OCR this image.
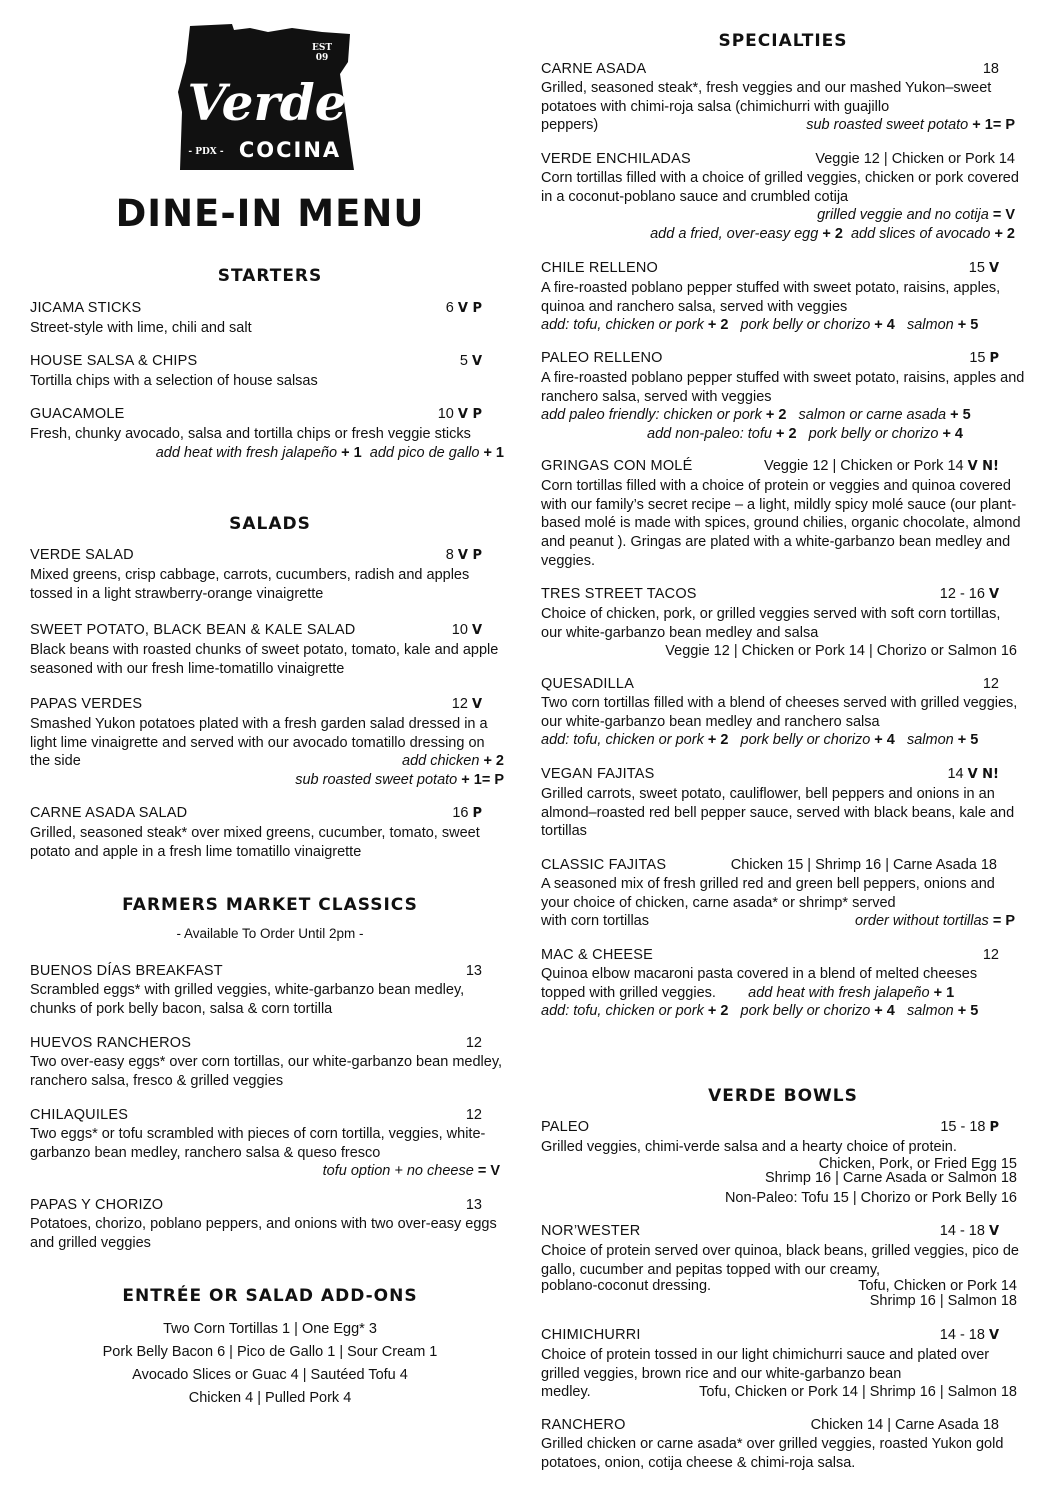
EST
09
Verde
- PDX - COCINA
DINE-IN MENU
STARTERS
JICAMA STICKS	6 V P
Street-style with lime, chili and salt
HOUSE SALSA & CHIPS	5 V
Tortilla chips with a selection of house salsas
GUACAMOLE	10 V P
Fresh, chunky avocado, salsa and tortilla chips or fresh veggie sticks
add heat with fresh jalapeño + 1 add pico de gallo + 1
SALADS
VERDE SALAD	8 V P
Mixed greens, crisp cabbage, carrots, cucumbers, radish and apples tossed in a light strawberry-orange vinaigrette
SWEET POTATO, BLACK BEAN & KALE SALAD	10 V
Black beans with roasted chunks of sweet potato, tomato, kale and apple seasoned with our fresh lime-tomatillo vinaigrette
PAPAS VERDES	12 V
Smashed Yukon potatoes plated with a fresh garden salad dressed in a light lime vinaigrette and served with our avocado tomatillo dressing on the side	add chicken + 2
sub roasted sweet potato + 1= P
CARNE ASADA SALAD	16 P
Grilled, seasoned steak* over mixed greens, cucumber, tomato, sweet potato and apple in a fresh lime tomatillo vinaigrette
FARMERS MARKET CLASSICS
- Available To Order Until 2pm -
BUENOS DÍAS BREAKFAST	13
Scrambled eggs* with grilled veggies, white-garbanzo bean medley, chunks of pork belly bacon, salsa & corn tortilla
HUEVOS RANCHEROS	12
Two over-easy eggs* over corn tortillas, our white-garbanzo bean medley, ranchero salsa, fresco & grilled veggies
CHILAQUILES	12
Two eggs* or tofu scrambled with pieces of corn tortilla, veggies, white-garbanzo bean medley, ranchero salsa & queso fresco
tofu option + no cheese = V
PAPAS Y CHORIZO	13
Potatoes, chorizo, poblano peppers, and onions with two over-easy eggs and grilled veggies
ENTRÉE OR SALAD ADD-ONS
Two Corn Tortillas 1 | One Egg* 3
Pork Belly Bacon 6 | Pico de Gallo 1 | Sour Cream 1
Avocado Slices or Guac 4 | Sautéed Tofu 4
Chicken 4 | Pulled Pork 4
SPECIALTIES
CARNE ASADA	18
Grilled, seasoned steak*, fresh veggies and our mashed Yukon–sweet potatoes with chimi-roja salsa (chimichurri with guajillo
peppers)	sub roasted sweet potato + 1= P
VERDE ENCHILADAS	Veggie 12 | Chicken or Pork 14
Corn tortillas filled with a choice of grilled veggies, chicken or pork covered in a coconut-poblano sauce and crumbled cotija
grilled veggie and no cotija = V
add a fried, over-easy egg + 2 add slices of avocado + 2
CHILE RELLENO	15 V
A fire-roasted poblano pepper stuffed with sweet potato, raisins, apples, quinoa and ranchero salsa, served with veggies
add: tofu, chicken or pork + 2 pork belly or chorizo + 4 salmon + 5
PALEO RELLENO	15 P
A fire-roasted poblano pepper stuffed with sweet potato, raisins, apples and ranchero salsa, served with veggies
add paleo friendly: chicken or pork + 2 salmon or carne asada + 5
add non-paleo: tofu + 2 pork belly or chorizo + 4
GRINGAS CON MOLÉ	Veggie 12 | Chicken or Pork 14 V N!
Corn tortillas filled with a choice of protein or veggies and quinoa covered with our family’s secret recipe – a light, mildly spicy molé sauce (our plant-based molé is made with spices, ground chilies, organic chocolate, almond and peanut ). Gringas are plated with a white-garbanzo bean medley and veggies.
TRES STREET TACOS	12 - 16 V
Choice of chicken, pork, or grilled veggies served with soft corn tortillas, our white-garbanzo bean medley and salsa
Veggie 12 | Chicken or Pork 14 | Chorizo or Salmon 16
QUESADILLA	12
Two corn tortillas filled with a blend of cheeses served with grilled veggies, our white-garbanzo bean medley and ranchero salsa
add: tofu, chicken or pork + 2 pork belly or chorizo + 4 salmon + 5
VEGAN FAJITAS	14 V N!
Grilled carrots, sweet potato, cauliflower, bell peppers and onions in an almond–roasted red bell pepper sauce, served with black beans, kale and tortillas
CLASSIC FAJITAS	Chicken 15 | Shrimp 16 | Carne Asada 18
A seasoned mix of fresh grilled red and green bell peppers, onions and your choice of chicken, carne asada* or shrimp* served
with corn tortillas	order without tortillas = P
MAC & CHEESE	12
Quinoa elbow macaroni pasta covered in a blend of melted cheeses
topped with grilled veggies. add heat with fresh jalapeño + 1
add: tofu, chicken or pork + 2 pork belly or chorizo + 4 salmon + 5
VERDE BOWLS
PALEO	15 - 18 P
Grilled veggies, chimi-verde salsa and a hearty choice of protein.
Chicken, Pork, or Fried Egg 15
Shrimp 16 | Carne Asada or Salmon 18
Non-Paleo: Tofu 15 | Chorizo or Pork Belly 16
NOR’WESTER	14 - 18 V
Choice of protein served over quinoa, black beans, grilled veggies, pico de gallo, cucumber and pepitas topped with our creamy,
poblano-coconut dressing.	Tofu, Chicken or Pork 14
Shrimp 16 | Salmon 18
CHIMICHURRI	14 - 18 V
Choice of protein tossed in our light chimichurri sauce and plated over grilled veggies, brown rice and our white-garbanzo bean
medley.	Tofu, Chicken or Pork 14 | Shrimp 16 | Salmon 18
RANCHERO	Chicken 14 | Carne Asada 18
Grilled chicken or carne asada* over grilled veggies, roasted Yukon gold potatoes, onion, cotija cheese & chimi-roja salsa.
